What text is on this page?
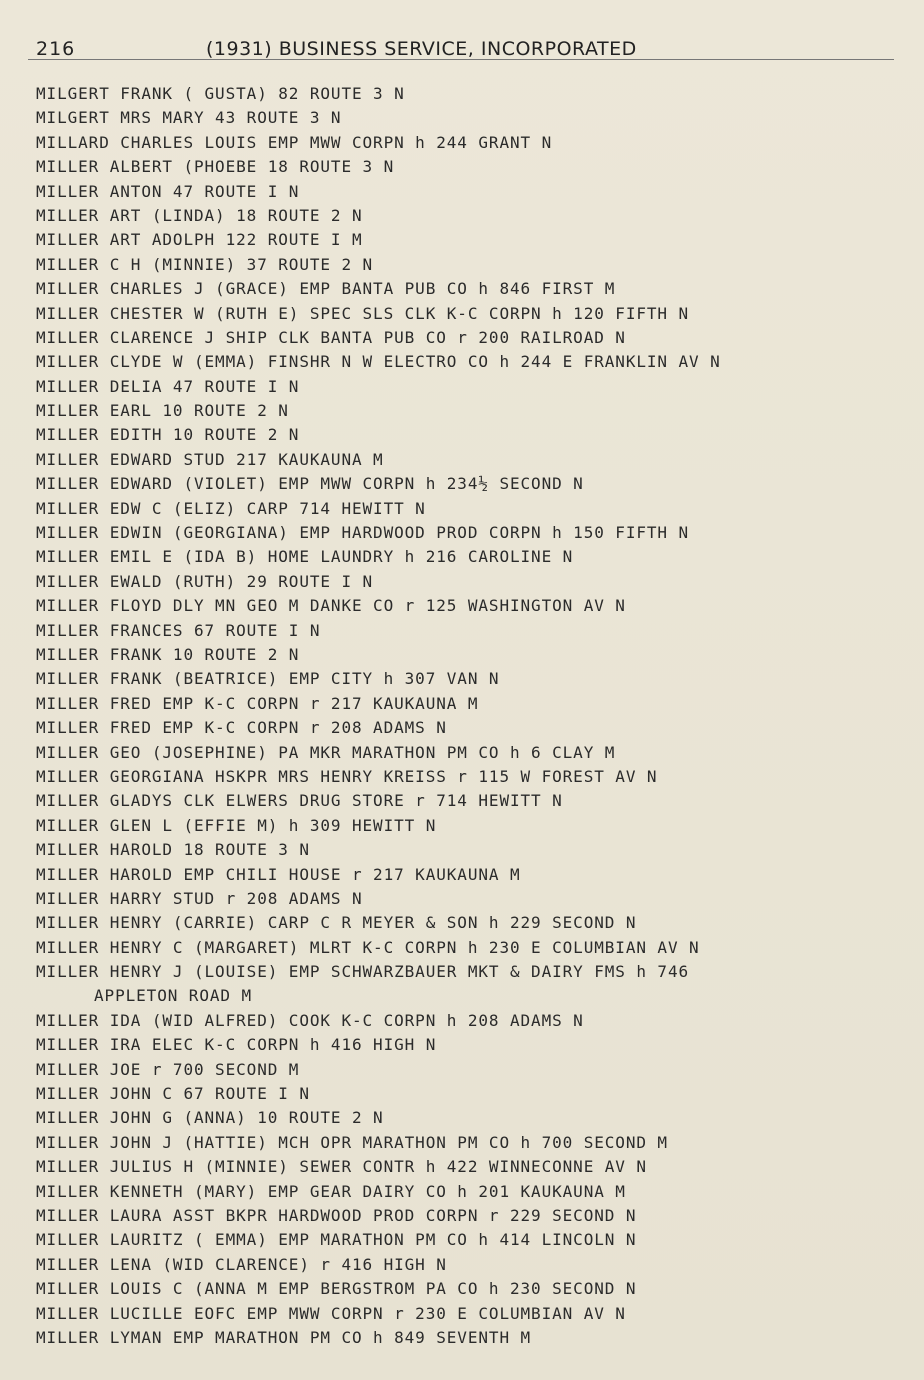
216	(1931) BUSINESS SERVICE, INCORPORATED
MILGERT FRANK ( GUSTA) 82 ROUTE 3 N
MILGERT MRS MARY 43 ROUTE 3 N
MILLARD CHARLES LOUIS EMP MWW CORPN h 244 GRANT N
MILLER ALBERT (PHOEBE 18 ROUTE 3 N
MILLER ANTON 47 ROUTE I N
MILLER ART (LINDA) 18 ROUTE 2 N
MILLER ART ADOLPH 122 ROUTE I M
MILLER C H (MINNIE) 37 ROUTE 2 N
MILLER CHARLES J (GRACE) EMP BANTA PUB CO h 846 FIRST M
MILLER CHESTER W (RUTH E) SPEC SLS CLK K-C CORPN h 120 FIFTH N
MILLER CLARENCE J SHIP CLK BANTA PUB CO r 200 RAILROAD N
MILLER CLYDE W (EMMA) FINSHR N W ELECTRO CO h 244 E FRANKLIN AV N
MILLER DELIA 47 ROUTE I N
MILLER EARL 10 ROUTE 2 N
MILLER EDITH 10 ROUTE 2 N
MILLER EDWARD STUD 217 KAUKAUNA M
MILLER EDWARD (VIOLET) EMP MWW CORPN h 234½ SECOND N
MILLER EDW C (ELIZ) CARP 714 HEWITT N
MILLER EDWIN (GEORGIANA) EMP HARDWOOD PROD CORPN h 150 FIFTH N
MILLER EMIL E (IDA B) HOME LAUNDRY h 216 CAROLINE N
MILLER EWALD (RUTH) 29 ROUTE I N
MILLER FLOYD DLY MN GEO M DANKE CO r 125 WASHINGTON AV N
MILLER FRANCES 67 ROUTE I N
MILLER FRANK 10 ROUTE 2 N
MILLER FRANK (BEATRICE) EMP CITY h 307 VAN N
MILLER FRED EMP K-C CORPN r 217 KAUKAUNA M
MILLER FRED EMP K-C CORPN r 208 ADAMS N
MILLER GEO (JOSEPHINE) PA MKR MARATHON PM CO h 6 CLAY M
MILLER GEORGIANA HSKPR MRS HENRY KREISS r 115 W FOREST AV N
MILLER GLADYS CLK ELWERS DRUG STORE r 714 HEWITT N
MILLER GLEN L (EFFIE M) h 309 HEWITT N
MILLER HAROLD 18 ROUTE 3 N
MILLER HAROLD EMP CHILI HOUSE r 217 KAUKAUNA M
MILLER HARRY STUD r 208 ADAMS N
MILLER HENRY (CARRIE) CARP C R MEYER & SON h 229 SECOND N
MILLER HENRY C (MARGARET) MLRT K-C CORPN h 230 E COLUMBIAN AV N
MILLER HENRY J (LOUISE) EMP SCHWARZBAUER MKT & DAIRY FMS h 746
APPLETON ROAD M
MILLER IDA (WID ALFRED) COOK K-C CORPN h 208 ADAMS N
MILLER IRA ELEC K-C CORPN h 416 HIGH N
MILLER JOE r 700 SECOND M
MILLER JOHN C 67 ROUTE I N
MILLER JOHN G (ANNA) 10 ROUTE 2 N
MILLER JOHN J (HATTIE) MCH OPR MARATHON PM CO h 700 SECOND M
MILLER JULIUS H (MINNIE) SEWER CONTR h 422 WINNECONNE AV N
MILLER KENNETH (MARY) EMP GEAR DAIRY CO h 201 KAUKAUNA M
MILLER LAURA ASST BKPR HARDWOOD PROD CORPN r 229 SECOND N
MILLER LAURITZ ( EMMA) EMP MARATHON PM CO h 414 LINCOLN N
MILLER LENA (WID CLARENCE) r 416 HIGH N
MILLER LOUIS C (ANNA M EMP BERGSTROM PA CO h 230 SECOND N
MILLER LUCILLE EOFC EMP MWW CORPN r 230 E COLUMBIAN AV N
MILLER LYMAN EMP MARATHON PM CO h 849 SEVENTH M
